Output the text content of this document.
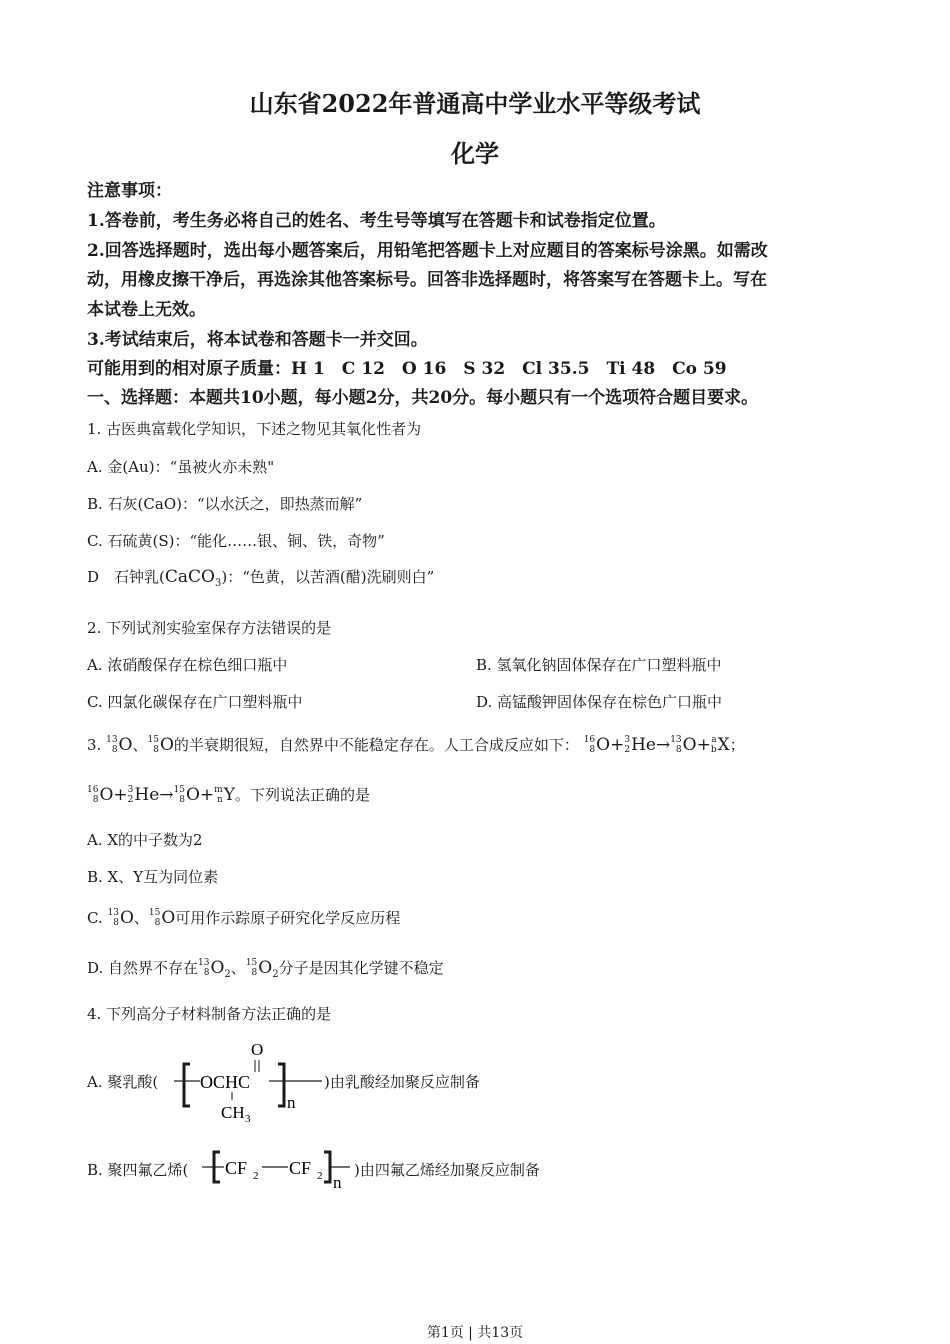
山东省2022年普通高中学业水平等级考试
化学
注意事项：
1.答卷前，考生务必将自己的姓名、考生号等填写在答题卡和试卷指定位置。
2.回答选择题时，选出每小题答案后，用铅笔把答题卡上对应题目的答案标号涂黑。如需改
动，用橡皮擦干净后，再选涂其他答案标号。回答非选择题时，将答案写在答题卡上。写在
本试卷上无效。
3.考试结束后，将本试卷和答题卡一并交回。
可能用到的相对原子质量：H 1　C 12　O 16　S 32　Cl 35.5　Ti 48　Co 59
一、选择题：本题共10小题，每小题2分，共20分。每小题只有一个选项符合题目要求。
1. 古医典富载化学知识，下述之物见其氧化性者为
A. 金(Au)：“虽被火亦未熟"
B. 石灰(CaO)：“以水沃之，即热蒸而解”
C. 石硫黄(S)：“能化……银、铜、铁，奇物”
D　石钟乳(CaCO$_3$)：“色黄，以苦酒(醋)洗刷则白”
2. 下列试剂实验室保存方法错误的是
A. 浓硝酸保存在棕色细口瓶中	B. 氢氧化钠固体保存在广口塑料瓶中
C. 四氯化碳保存在广口塑料瓶中	D. 高锰酸钾固体保存在棕色广口瓶中
3. 13
8 O、 15
8 O的半衰期很短，自然界中不能稳定存在。人工合成反应如下： 16
8 O+ 3
2 He→ 13
8 O+ a
b X；
16
8 O+ 3
2 He→ 15
8 O+ m
n Y。下列说法正确的是
A. X的中子数为2
B. X、Y互为同位素
C. 13
8 O、 15
8 O可用作示踪原子研究化学反应历程
D. 自然界不存在 13
8 $O_2$、 15
8 $O_2$分子是因其化学键不稳定
4. 下列高分子材料制备方法正确的是
A. 聚乳酸( OCHC
O
CH 3
n
)由乳酸经加聚反应制备
B. 聚四氟乙烯( CF 2 CF 2 n
)由四氟乙烯经加聚反应制备
第1页 | 共13页
